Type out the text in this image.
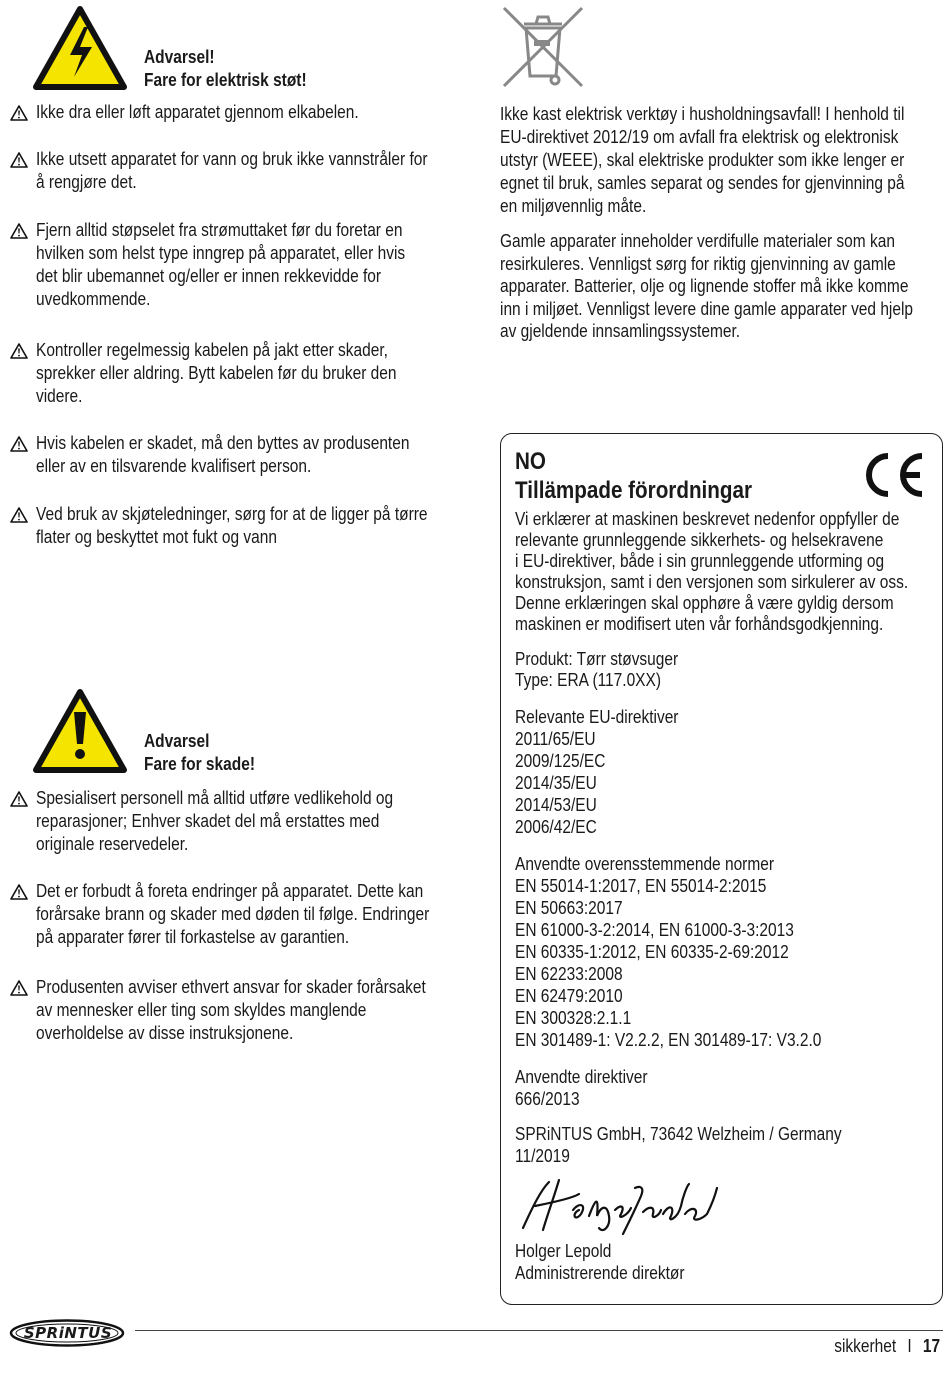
Advarsel!
Fare for elektrisk støt!
Ikke dra eller løft apparatet gjennom elkabelen.
Ikke utsett apparatet for vann og bruk ikke vannstråler for
å rengjøre det.
Fjern alltid støpselet fra strømuttaket før du foretar en
hvilken som helst type inngrep på apparatet, eller hvis
det blir ubemannet og/eller er innen rekkevidde for
uvedkommende.
Kontroller regelmessig kabelen på jakt etter skader,
sprekker eller aldring. Bytt kabelen før du bruker den
videre.
Hvis kabelen er skadet, må den byttes av produsenten
eller av en tilsvarende kvalifisert person.
Ved bruk av skjøteledninger, sørg for at de ligger på tørre
flater og beskyttet mot fukt og vann
Advarsel
Fare for skade!
Spesialisert personell må alltid utføre vedlikehold og
reparasjoner; Enhver skadet del må erstattes med
originale reservedeler.
Det er forbudt å foreta endringer på apparatet. Dette kan
forårsake brann og skader med døden til følge. Endringer
på apparater fører til forkastelse av garantien.
Produsenten avviser ethvert ansvar for skader forårsaket
av mennesker eller ting som skyldes manglende
overholdelse av disse instruksjonene.
Ikke kast elektrisk verktøy i husholdningsavfall! I henhold til
EU-direktivet 2012/19 om avfall fra elektrisk og elektronisk
utstyr (WEEE), skal elektriske produkter som ikke lenger er
egnet til bruk, samles separat og sendes for gjenvinning på
en miljøvennlig måte.
Gamle apparater inneholder verdifulle materialer som kan
resirkuleres. Vennligst sørg for riktig gjenvinning av gamle
apparater. Batterier, olje og lignende stoffer må ikke komme
inn i miljøet. Vennligst levere dine gamle apparater ved hjelp
av gjeldende innsamlingssystemer.
NO
Tillämpade förordningar
Vi erklærer at maskinen beskrevet nedenfor oppfyller de
relevante grunnleggende sikkerhets- og helsekravene
i EU-direktiver, både i sin grunnleggende utforming og
konstruksjon, samt i den versjonen som sirkulerer av oss.
Denne erklæringen skal opphøre å være gyldig dersom
maskinen er modifisert uten vår forhåndsgodkjenning.
Produkt: Tørr støvsuger
Type: ERA (117.0XX)
Relevante EU-direktiver
2011/65/EU
2009/125/EC
2014/35/EU
2014/53/EU
2006/42/EC
Anvendte overensstemmende normer
EN 55014-1:2017, EN 55014-2:2015
EN 50663:2017
EN 61000-3-2:2014, EN 61000-3-3:2013
EN 60335-1:2012, EN 60335-2-69:2012
EN 62233:2008
EN 62479:2010
EN 300328:2.1.1
EN 301489-1: V2.2.2, EN 301489-17: V3.2.0
Anvendte direktiver
666/2013
SPRiNTUS GmbH, 73642 Welzheim / Germany
11/2019
Holger Lepold
Administrerende direktør
SPRiNTUS
sikkerhet I 17
